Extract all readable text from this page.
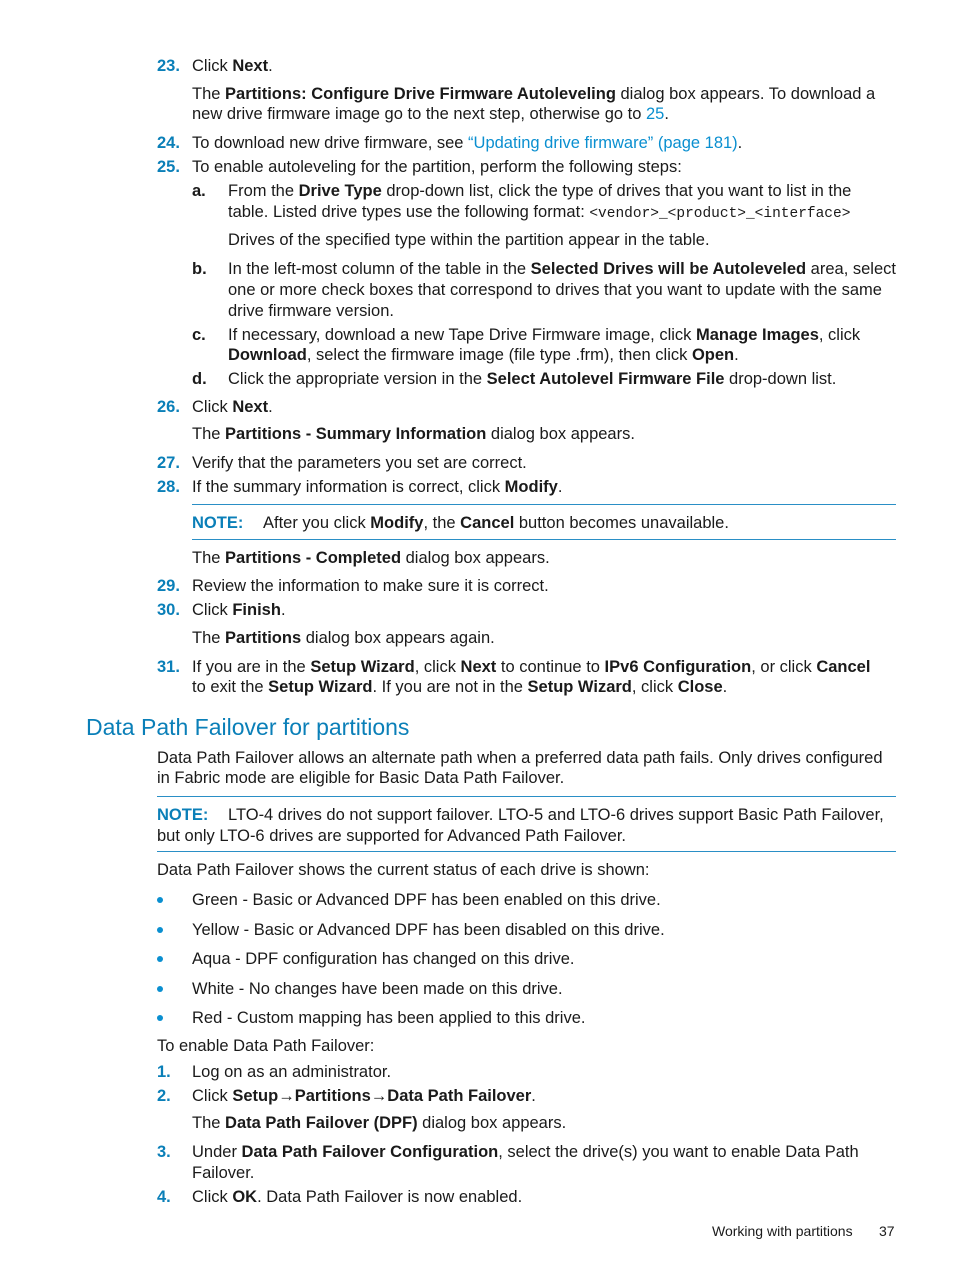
23. Click Next.
The Partitions: Configure Drive Firmware Autoleveling dialog box appears. To download a
new drive firmware image go to the next step, otherwise go to 25.
24. To download new drive firmware, see “Updating drive firmware” (page 181).
25. To enable autoleveling for the partition, perform the following steps:
a. From the Drive Type drop-down list, click the type of drives that you want to list in the
table. Listed drive types use the following format: <vendor>_<product>_<interface>
Drives of the specified type within the partition appear in the table.
b. In the left-most column of the table in the Selected Drives will be Autoleveled area, select
one or more check boxes that correspond to drives that you want to update with the same
drive firmware version.
c. If necessary, download a new Tape Drive Firmware image, click Manage Images, click
Download, select the firmware image (file type .frm), then click Open.
d. Click the appropriate version in the Select Autolevel Firmware File drop-down list.
26. Click Next.
The Partitions - Summary Information dialog box appears.
27. Verify that the parameters you set are correct.
28. If the summary information is correct, click Modify.
NOTE: After you click Modify, the Cancel button becomes unavailable.
The Partitions - Completed dialog box appears.
29. Review the information to make sure it is correct.
30. Click Finish.
The Partitions dialog box appears again.
31. If you are in the Setup Wizard, click Next to continue to IPv6 Configuration, or click Cancel
to exit the Setup Wizard. If you are not in the Setup Wizard, click Close.
Data Path Failover for partitions
Data Path Failover allows an alternate path when a preferred data path fails. Only drives configured
in Fabric mode are eligible for Basic Data Path Failover.
NOTE: LTO-4 drives do not support failover. LTO-5 and LTO-6 drives support Basic Path Failover,
but only LTO-6 drives are supported for Advanced Path Failover.
Data Path Failover shows the current status of each drive is shown:
Green - Basic or Advanced DPF has been enabled on this drive.
Yellow - Basic or Advanced DPF has been disabled on this drive.
Aqua - DPF configuration has changed on this drive.
White - No changes have been made on this drive.
Red - Custom mapping has been applied to this drive.
To enable Data Path Failover:
1. Log on as an administrator.
2. Click Setup→Partitions→Data Path Failover.
The Data Path Failover (DPF) dialog box appears.
3. Under Data Path Failover Configuration, select the drive(s) you want to enable Data Path
Failover.
4. Click OK. Data Path Failover is now enabled.
Working with partitions 37
